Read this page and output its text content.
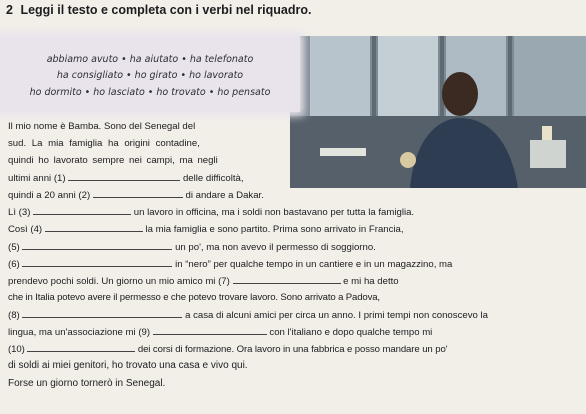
2 Leggi il testo e completa con i verbi nel riquadro.
abbiamo avuto • ha aiutato • ha telefonato
ha consigliato • ho girato • ho lavorato
ho dormito • ho lasciato • ho trovato • ho pensato
Il mio nome è Bamba. Sono del Senegal del
sud. La mia famiglia ha origini contadine,
quindi ho lavorato sempre nei campi, ma negli
ultimi anni (1)	delle difficoltà,
quindi a 20 anni (2)	di andare a Dakar.
Lì (3)	un lavoro in officina, ma i soldi non bastavano per tutta la famiglia.
Così (4)	la mia famiglia e sono partito. Prima sono arrivato in Francia,
(5)	un po', ma non avevo il permesso di soggiorno.
(6)	in “nero” per qualche tempo in un cantiere e in un magazzino, ma
prendevo pochi soldi. Un giorno un mio amico mi (7)	e mi ha detto
che in Italia potevo avere il permesso e che potevo trovare lavoro. Sono arrivato a Padova,
(8)	a casa di alcuni amici per circa un anno. I primi tempi non conoscevo la
lingua, ma un'associazione mi (9)	con l'italiano e dopo qualche tempo mi
(10)	dei corsi di formazione. Ora lavoro in una fabbrica e posso mandare un po'
di soldi ai miei genitori, ho trovato una casa e vivo qui.
Forse un giorno tornerò in Senegal.
